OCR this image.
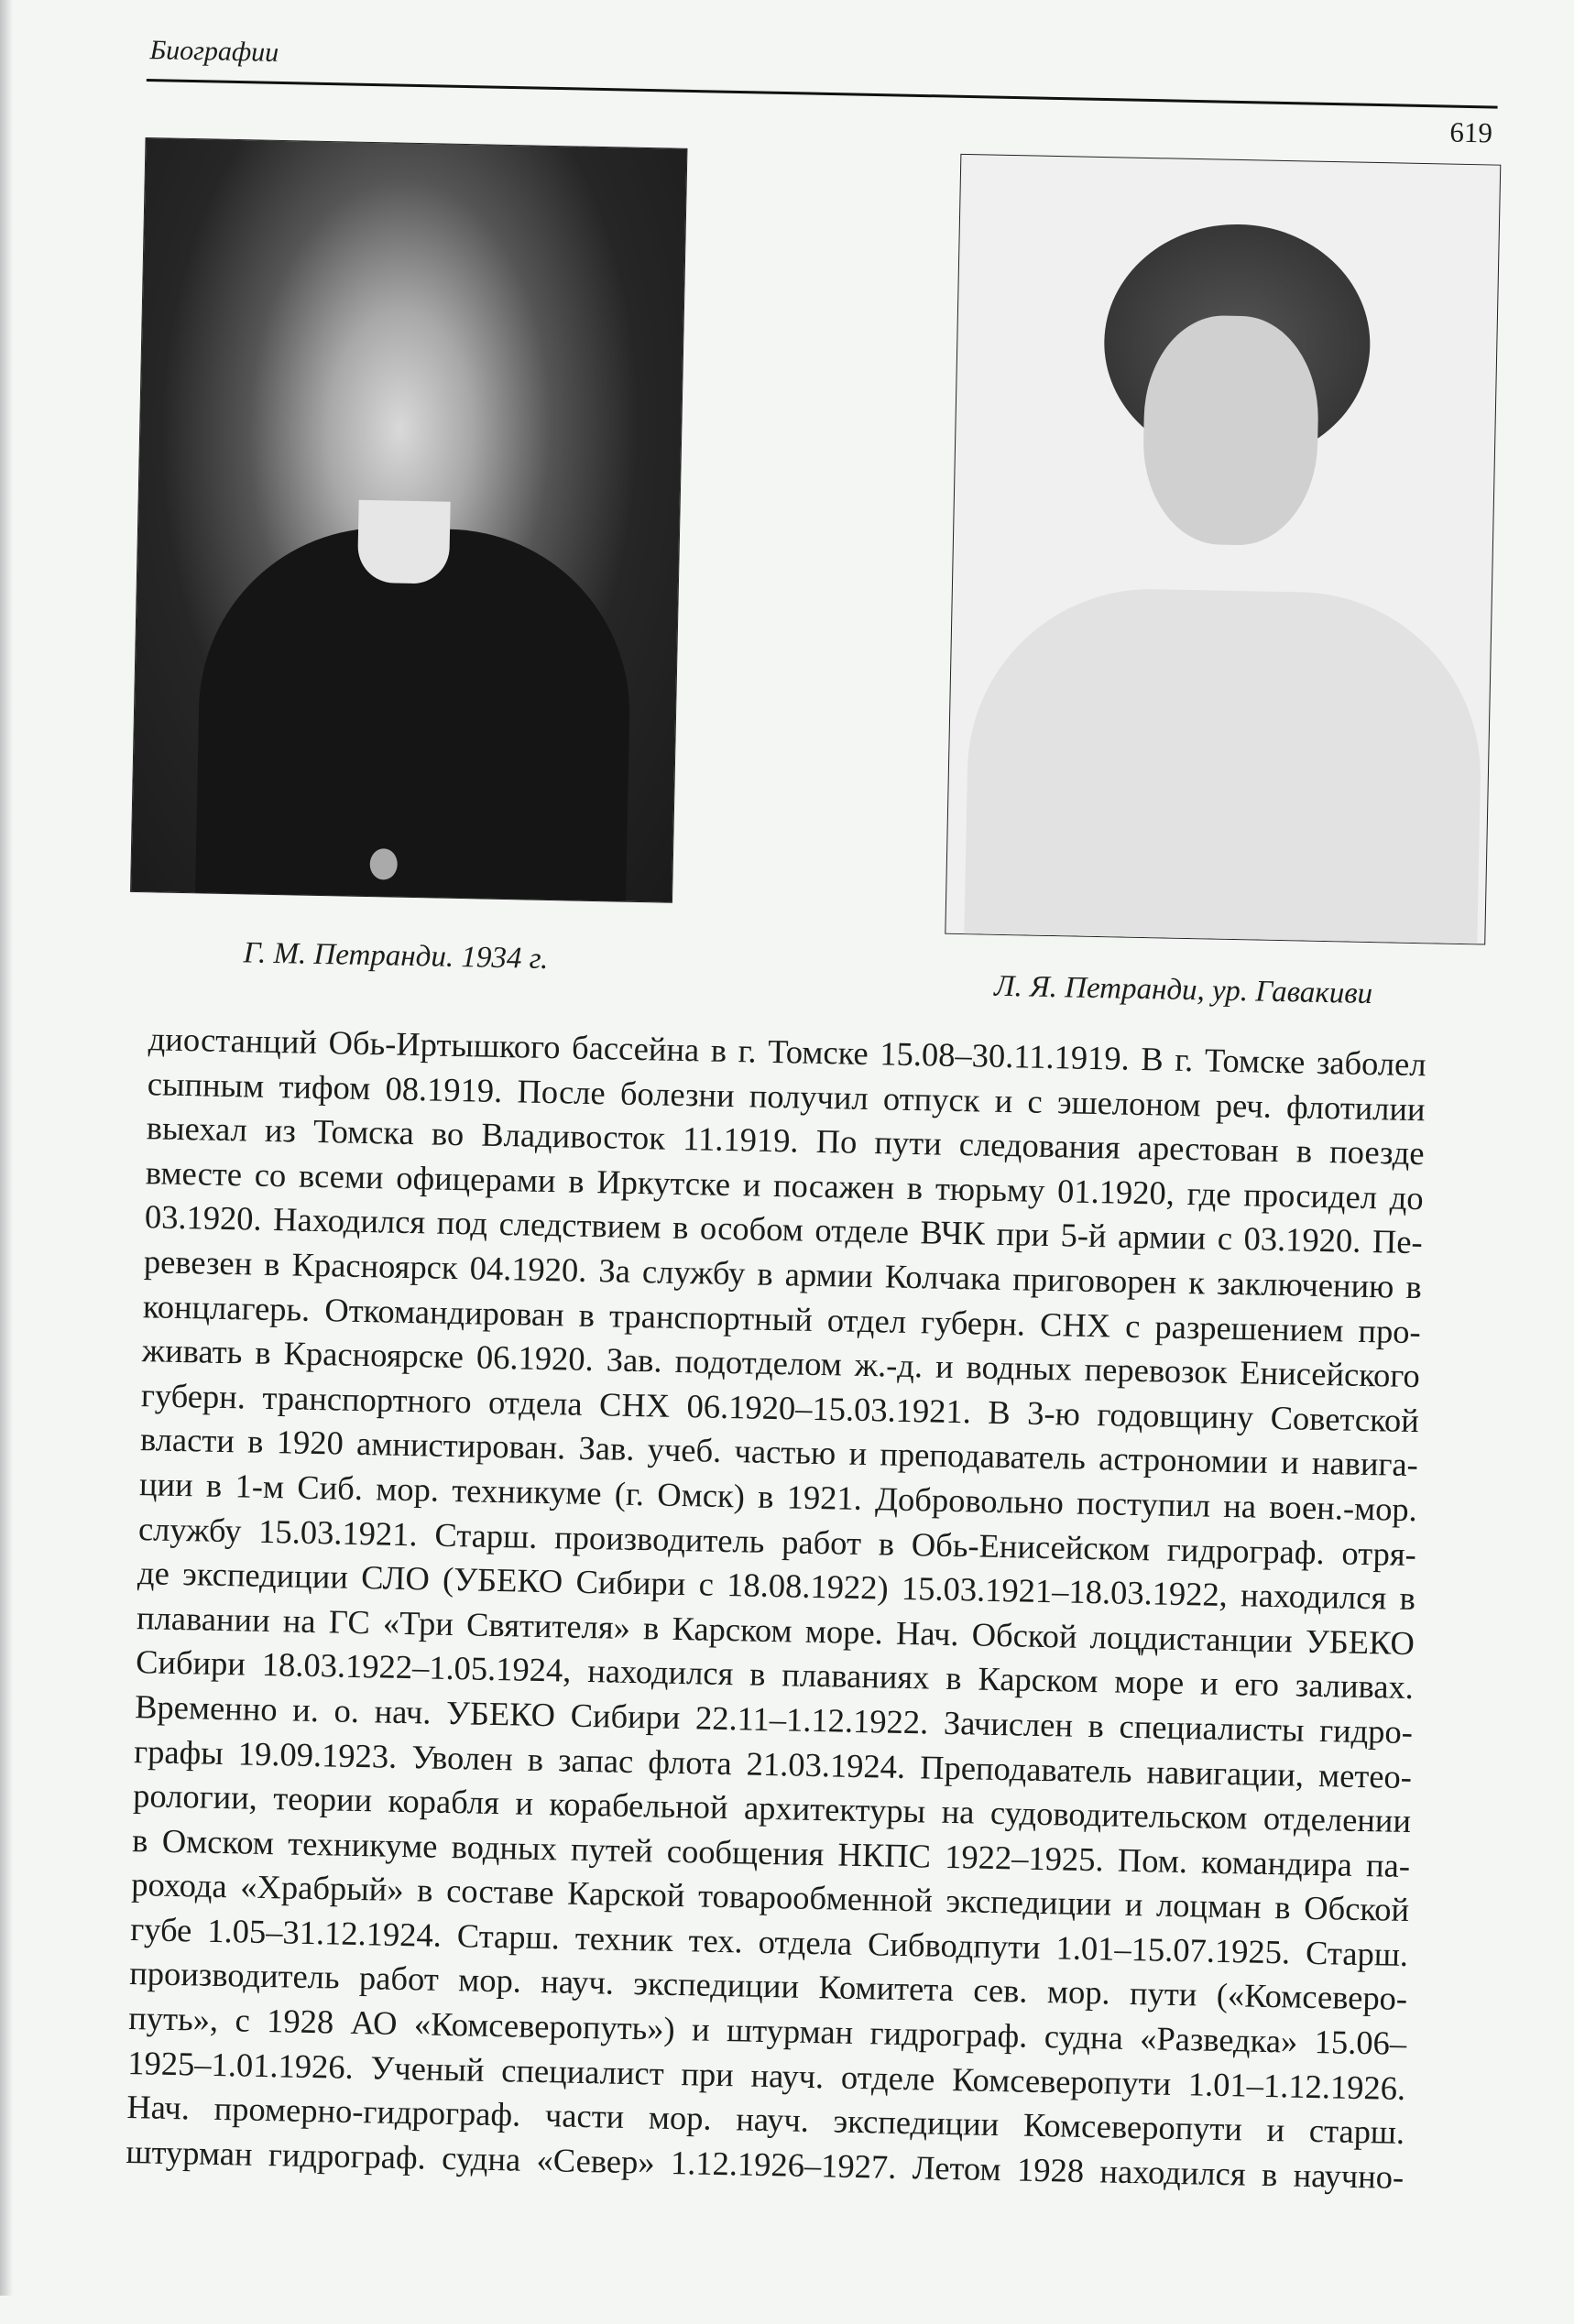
Биографии
619
Г. М. Петранди. 1934 г.
Л. Я. Петранди, ур. Гавакиви
диостанций Обь-Иртышкого бассейна в г. Томске 15.08–30.11.1919. В г. Томске заболел
сыпным тифом 08.1919. После болезни получил отпуск и с эшелоном реч. флотилии
выехал из Томска во Владивосток 11.1919. По пути следования арестован в поезде
вместе со всеми офицерами в Иркутске и посажен в тюрьму 01.1920, где просидел до
03.1920. Находился под следствием в особом отделе ВЧК при 5-й армии с 03.1920. Пе-
ревезен в Красноярск 04.1920. За службу в армии Колчака приговорен к заключению в
концлагерь. Откомандирован в транспортный отдел губерн. СНХ с разрешением про-
живать в Красноярске 06.1920. Зав. подотделом ж.-д. и водных перевозок Енисейского
губерн. транспортного отдела СНХ 06.1920–15.03.1921. В 3-ю годовщину Советской
власти в 1920 амнистирован. Зав. учеб. частью и преподаватель астрономии и навига-
ции в 1-м Сиб. мор. техникуме (г. Омск) в 1921. Добровольно поступил на воен.-мор.
службу 15.03.1921. Старш. производитель работ в Обь-Енисейском гидрограф. отря-
де экспедиции СЛО (УБЕКО Сибири с 18.08.1922) 15.03.1921–18.03.1922, находился в
плавании на ГС «Три Святителя» в Карском море. Нач. Обской лоцдистанции УБЕКО
Сибири 18.03.1922–1.05.1924, находился в плаваниях в Карском море и его заливах.
Временно и. о. нач. УБЕКО Сибири 22.11–1.12.1922. Зачислен в специалисты гидро-
графы 19.09.1923. Уволен в запас флота 21.03.1924. Преподаватель навигации, метео-
рологии, теории корабля и корабельной архитектуры на судоводительском отделении
в Омском техникуме водных путей сообщения НКПС 1922–1925. Пом. командира па-
рохода «Храбрый» в составе Карской товарообменной экспедиции и лоцман в Обской
губе 1.05–31.12.1924. Старш. техник тех. отдела Сибводпути 1.01–15.07.1925. Старш.
производитель работ мор. науч. экспедиции Комитета сев. мор. пути («Комсеверо-
путь», с 1928 АО «Комсеверопуть») и штурман гидрограф. судна «Разведка» 15.06–
1925–1.01.1926. Ученый специалист при науч. отделе Комсеверопути 1.01–1.12.1926.
Нач. промерно-гидрограф. части мор. науч. экспедиции Комсеверопути и старш.
штурман гидрограф. судна «Север» 1.12.1926–1927. Летом 1928 находился в научно-
